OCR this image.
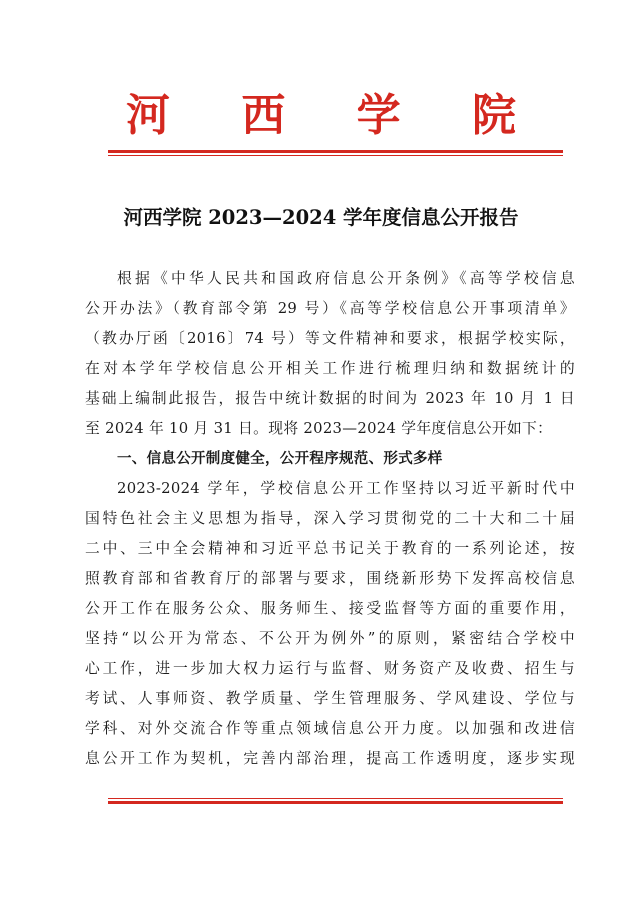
河 西 学 院
河西学院 2023—2024 学年度信息公开报告
根据《中华人民共和国政府信息公开条例》《高等学校信息
公开办法》（教育部令第 29 号）《高等学校信息公开事项清单》
（教办厅函〔2016〕74 号）等文件精神和要求，根据学校实际，
在对本学年学校信息公开相关工作进行梳理归纳和数据统计的
基础上编制此报告，报告中统计数据的时间为 2023 年 10 月 1 日
至 2024 年 10 月 31 日。现将 2023—2024 学年度信息公开如下：
一、信息公开制度健全，公开程序规范、形式多样
2023-2024 学年，学校信息公开工作坚持以习近平新时代中
国特色社会主义思想为指导，深入学习贯彻党的二十大和二十届
二中、三中全会精神和习近平总书记关于教育的一系列论述，按
照教育部和省教育厅的部署与要求，围绕新形势下发挥高校信息
公开工作在服务公众、服务师生、接受监督等方面的重要作用，
坚持“以公开为常态、不公开为例外”的原则，紧密结合学校中
心工作，进一步加大权力运行与监督、财务资产及收费、招生与
考试、人事师资、教学质量、学生管理服务、学风建设、学位与
学科、对外交流合作等重点领域信息公开力度。以加强和改进信
息公开工作为契机，完善内部治理，提高工作透明度，逐步实现
